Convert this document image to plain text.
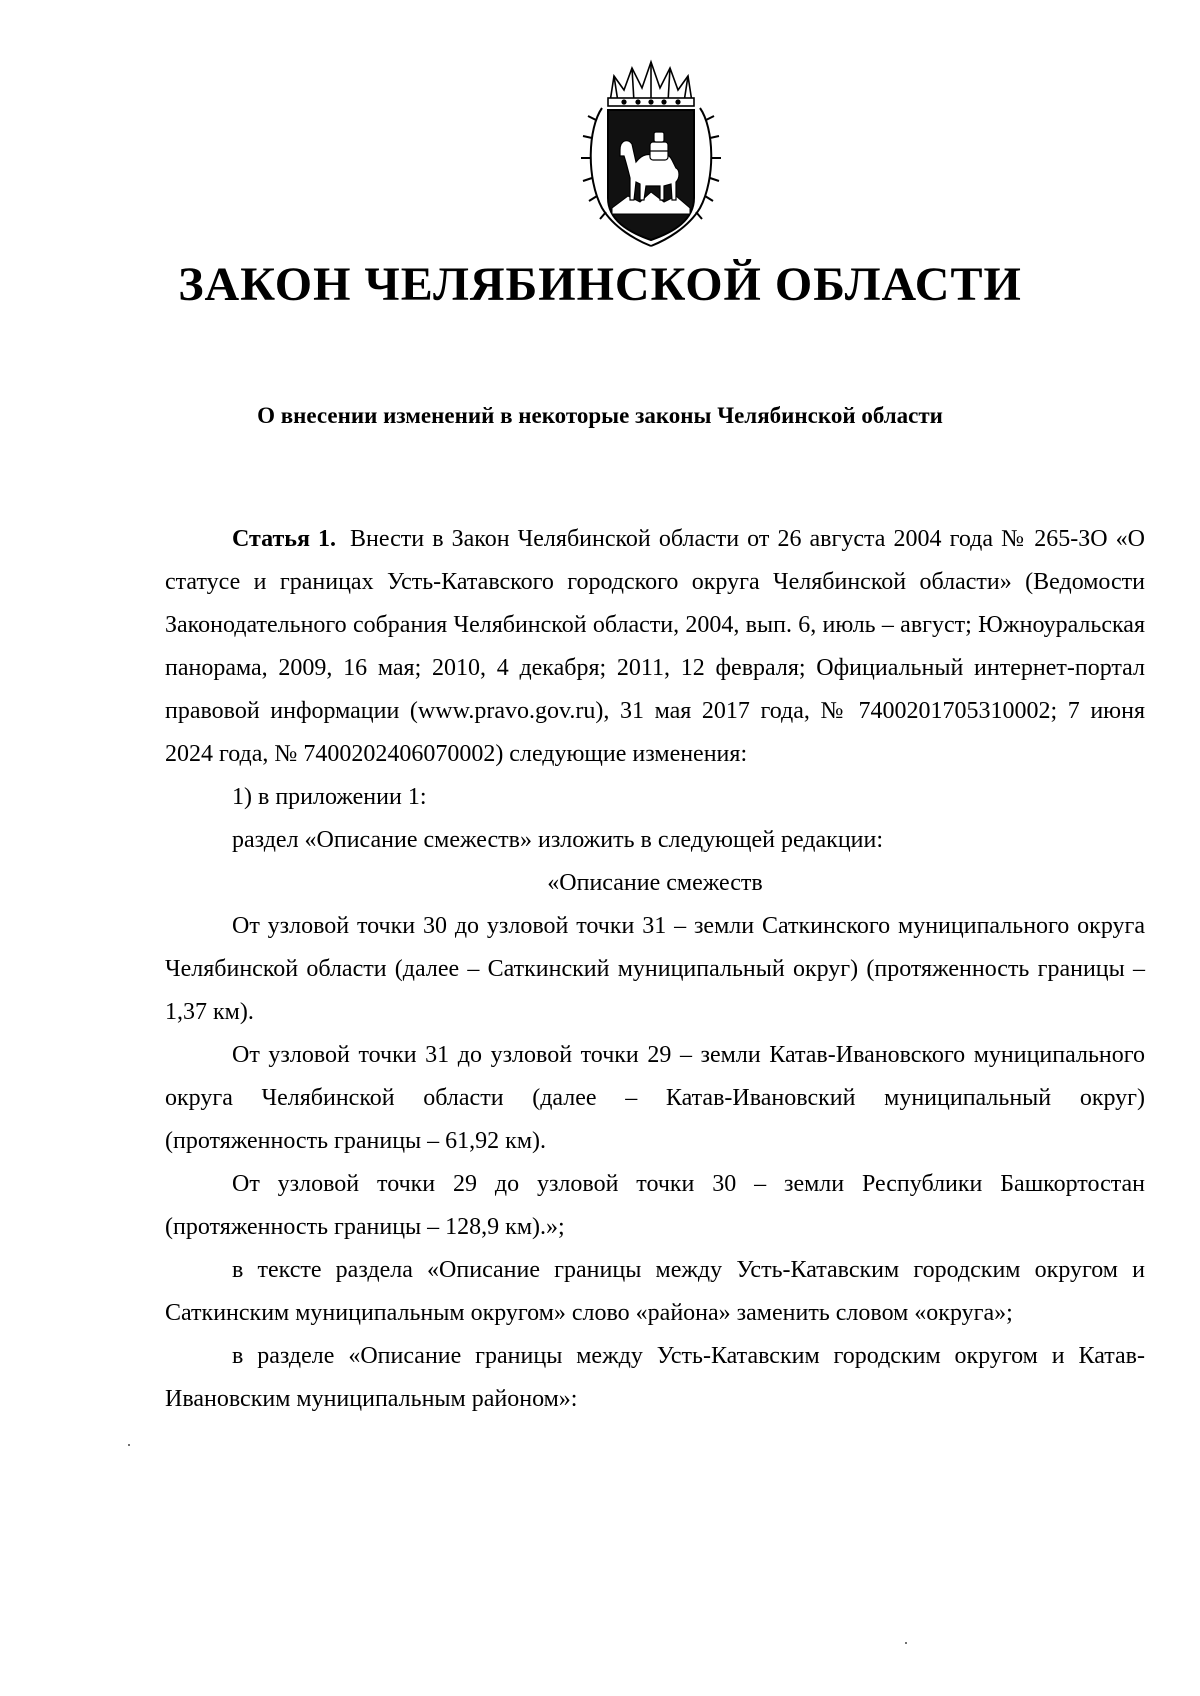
ЗАКОН ЧЕЛЯБИНСКОЙ ОБЛАСТИ
О внесении изменений в некоторые законы Челябинской области

Статья 1. Внести в Закон Челябинской области от 26 августа 2004 года № 265-ЗО «О статусе и границах Усть-Катавского городского округа Челябинской области» (Ведомости Законодательного собрания Челябинской области, 2004, вып. 6, июль – август; Южноуральская панорама, 2009, 16 мая; 2010, 4 декабря; 2011, 12 февраля; Официальный интернет-портал правовой информации (www.pravo.gov.ru), 31 мая 2017 года, № 7400201705310002; 7 июня 2024 года, № 7400202406070002) следующие изменения:

1) в приложении 1:

раздел «Описание смежеств» изложить в следующей редакции:

«Описание смежеств

От узловой точки 30 до узловой точки 31 – земли Саткинского муниципального округа Челябинской области (далее – Саткинский муниципальный округ) (протяженность границы – 1,37 км).

От узловой точки 31 до узловой точки 29 – земли Катав-Ивановского муниципального округа Челябинской области (далее – Катав-Ивановский муниципальный округ) (протяженность границы – 61,92 км).

От узловой точки 29 до узловой точки 30 – земли Республики Башкортостан (протяженность границы – 128,9 км).»;

в тексте раздела «Описание границы между Усть-Катавским городским округом и Саткинским муниципальным округом» слово «района» заменить словом «округа»;

в разделе «Описание границы между Усть-Катавским городским округом и Катав-Ивановским муниципальным районом»:
